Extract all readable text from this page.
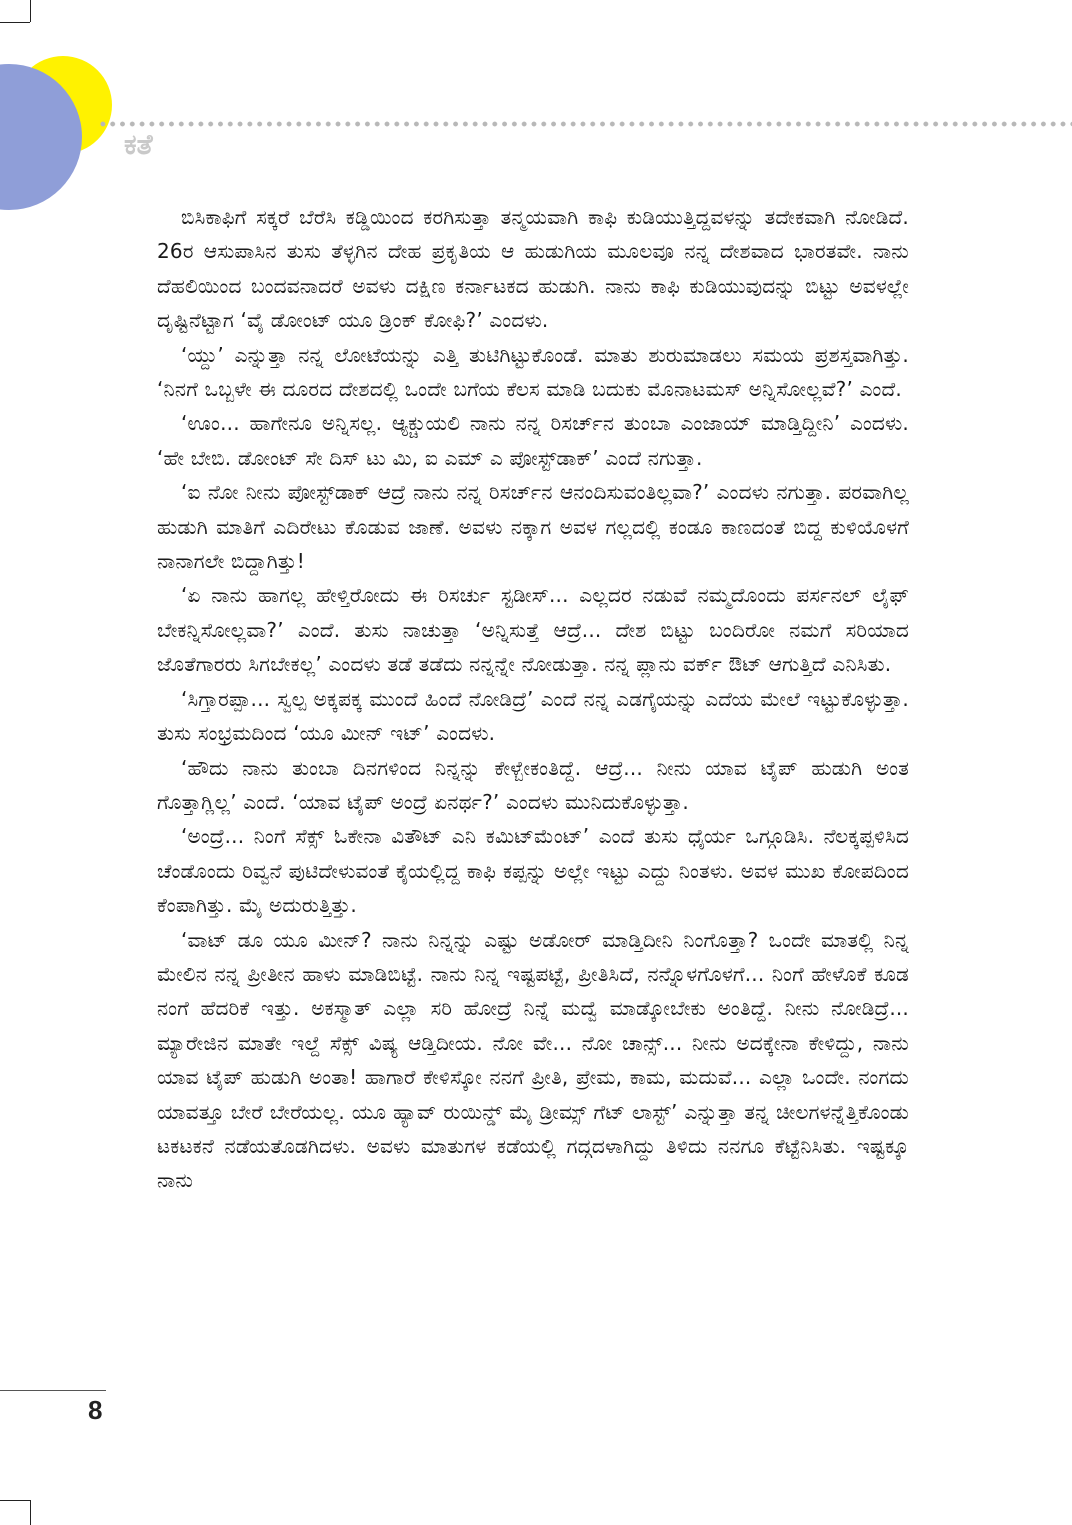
ಕತೆ

ಬಿಸಿಕಾಫಿಗೆ ಸಕ್ಕರೆ ಬೆರೆಸಿ ಕಡ್ಡಿಯಿಂದ ಕರಗಿಸುತ್ತಾ ತನ್ಮಯವಾಗಿ ಕಾಫಿ ಕುಡಿಯುತ್ತಿದ್ದವಳನ್ನು ತದೇಕವಾಗಿ ನೋಡಿದೆ. 26ರ ಆಸುಪಾಸಿನ ತುಸು ತೆಳ್ಳಗಿನ ದೇಹ ಪ್ರಕೃತಿಯ ಆ ಹುಡುಗಿಯ ಮೂಲವೂ ನನ್ನ ದೇಶವಾದ ಭಾರತವೇ. ನಾನು ದೆಹಲಿಯಿಂದ ಬಂದವನಾದರೆ ಅವಳು ದಕ್ಷಿಣ ಕರ್ನಾಟಕದ ಹುಡುಗಿ. ನಾನು ಕಾಫಿ ಕುಡಿಯುವುದನ್ನು ಬಿಟ್ಟು ಅವಳಲ್ಲೇ ದೃಷ್ಟಿನೆಟ್ಟಾಗ ‘ವೈ ಡೋಂಟ್ ಯೂ ಡ್ರಿಂಕ್ ಕೋಫಿ?’ ಎಂದಳು.

‘ಯ್ದು’ ಎನ್ನುತ್ತಾ ನನ್ನ ಲೋಟೆಯನ್ನು ಎತ್ತಿ ತುಟಿಗಿಟ್ಟುಕೊಂಡೆ. ಮಾತು ಶುರುಮಾಡಲು ಸಮಯ ಪ್ರಶಸ್ತವಾಗಿತ್ತು. ‘ನಿನಗೆ ಒಬ್ಬಳೇ ಈ ದೂರದ ದೇಶದಲ್ಲಿ ಒಂದೇ ಬಗೆಯ ಕೆಲಸ ಮಾಡಿ ಬದುಕು ಮೊನಾಟಮಸ್ ಅನ್ನಿಸೋಲ್ಲವೆ?’ ಎಂದೆ.

‘ಊಂ... ಹಾಗೇನೂ ಅನ್ನಿಸಲ್ಲ. ಆ್ಯಕ್ಚುಯಲಿ ನಾನು ನನ್ನ ರಿಸರ್ಚ್‌ನ ತುಂಬಾ ಎಂಜಾಯ್ ಮಾಡ್ತಿದ್ದೀನಿ’ ಎಂದಳು. ‘ಹೇ ಬೇಬಿ. ಡೋಂಟ್ ಸೇ ದಿಸ್ ಟು ಮಿ, ಐ ಎಮ್ ಎ ಪೋಸ್ಟ್‌ಡಾಕ್’ ಎಂದೆ ನಗುತ್ತಾ.

‘ಐ ನೋ ನೀನು ಪೋಸ್ಟ್‌ಡಾಕ್ ಆದ್ರೆ ನಾನು ನನ್ನ ರಿಸರ್ಚ್‌ನ ಆನಂದಿಸುವಂತಿಲ್ಲವಾ?’ ಎಂದಳು ನಗುತ್ತಾ. ಪರವಾಗಿಲ್ಲ ಹುಡುಗಿ ಮಾತಿಗೆ ಎದಿರೇಟು ಕೊಡುವ ಜಾಣೆ. ಅವಳು ನಕ್ಕಾಗ ಅವಳ ಗಲ್ಲದಲ್ಲಿ ಕಂಡೂ ಕಾಣದಂತೆ ಬಿದ್ದ ಕುಳಿಯೊಳಗೆ ನಾನಾಗಲೇ ಬಿದ್ದಾಗಿತ್ತು!

‘ಏ ನಾನು ಹಾಗಲ್ಲ ಹೇಳ್ತಿರೋದು ಈ ರಿಸರ್ಚು ಸ್ಟಡೀಸ್... ಎಲ್ಲದರ ನಡುವೆ ನಮ್ಮದೊಂದು ಪರ್ಸನಲ್ ಲೈಫ್ ಬೇಕನ್ನಿಸೋಲ್ಲವಾ?’ ಎಂದೆ. ತುಸು ನಾಚುತ್ತಾ ‘ಅನ್ನಿಸುತ್ತೆ ಆದ್ರೆ... ದೇಶ ಬಿಟ್ಟು ಬಂದಿರೋ ನಮಗೆ ಸರಿಯಾದ ಜೊತೆಗಾರರು ಸಿಗಬೇಕಲ್ಲ’ ಎಂದಳು ತಡೆ ತಡೆದು ನನ್ನನ್ನೇ ನೋಡುತ್ತಾ. ನನ್ನ ಪ್ಲಾನು ವರ್ಕ್ ಔಟ್ ಆಗುತ್ತಿದೆ ಎನಿಸಿತು.

‘ಸಿಗ್ತಾರಪ್ಪಾ... ಸ್ವಲ್ಪ ಅಕ್ಕಪಕ್ಕ ಮುಂದೆ ಹಿಂದೆ ನೋಡಿದ್ರೆ’ ಎಂದೆ ನನ್ನ ಎಡಗೈಯನ್ನು ಎದೆಯ ಮೇಲೆ ಇಟ್ಟುಕೊಳ್ಳುತ್ತಾ. ತುಸು ಸಂಭ್ರಮದಿಂದ ‘ಯೂ ಮೀನ್ ಇಟ್’ ಎಂದಳು.

‘ಹೌದು ನಾನು ತುಂಬಾ ದಿನಗಳಿಂದ ನಿನ್ನನ್ನು ಕೇಳ್ಬೇಕಂತಿದ್ದೆ. ಆದ್ರೆ... ನೀನು ಯಾವ ಟೈಪ್ ಹುಡುಗಿ ಅಂತ ಗೊತ್ತಾಗ್ಲಿಲ್ಲ’ ಎಂದೆ. ‘ಯಾವ ಟೈಪ್ ಅಂದ್ರೆ ಏನರ್ಥ?’ ಎಂದಳು ಮುನಿದುಕೊಳ್ಳುತ್ತಾ.

‘ಅಂದ್ರೆ... ನಿಂಗೆ ಸೆಕ್ಸ್ ಓಕೇನಾ ವಿತೌಟ್ ಎನಿ ಕಮಿಟ್‌ಮೆಂಟ್’ ಎಂದೆ ತುಸು ಧೈರ್ಯ ಒಗ್ಗೂಡಿಸಿ. ನೆಲಕ್ಕಪ್ಪಳಿಸಿದ ಚೆಂಡೊಂದು ರಿವ್ವನೆ ಪುಟಿದೇಳುವಂತೆ ಕೈಯಲ್ಲಿದ್ದ ಕಾಫಿ ಕಪ್ಪನ್ನು ಅಲ್ಲೇ ಇಟ್ಟು ಎದ್ದು ನಿಂತಳು. ಅವಳ ಮುಖ ಕೋಪದಿಂದ ಕೆಂಪಾಗಿತ್ತು. ಮೈ ಅದುರುತ್ತಿತ್ತು.

‘ವಾಟ್ ಡೂ ಯೂ ಮೀನ್? ನಾನು ನಿನ್ನನ್ನು ಎಷ್ಟು ಅಡೋರ್ ಮಾಡ್ತಿದೀನಿ ನಿಂಗೊತ್ತಾ? ಒಂದೇ ಮಾತಲ್ಲಿ ನಿನ್ನ ಮೇಲಿನ ನನ್ನ ಪ್ರೀತೀನ ಹಾಳು ಮಾಡಿಬಿಟ್ಟೆ. ನಾನು ನಿನ್ನ ಇಷ್ಟಪಟ್ಟೆ, ಪ್ರೀತಿಸಿದೆ, ನನ್ನೊಳಗೊಳಗೆ... ನಿಂಗೆ ಹೇಳೊಕೆ ಕೂಡ ನಂಗೆ ಹೆದರಿಕೆ ಇತ್ತು. ಅಕಸ್ಮಾತ್ ಎಲ್ಲಾ ಸರಿ ಹೋದ್ರೆ ನಿನ್ನೆ ಮದ್ವೆ ಮಾಡ್ಕೋಬೇಕು ಅಂತಿದ್ದೆ. ನೀನು ನೋಡಿದ್ರೆ... ಮ್ಯಾರೇಜಿನ ಮಾತೇ ಇಲ್ದೆ ಸೆಕ್ಸ್ ವಿಷ್ಯ ಆಡ್ತಿದೀಯ. ನೋ ವೇ... ನೋ ಚಾನ್ಸ್... ನೀನು ಅದಕ್ಕೇನಾ ಕೇಳಿದ್ದು, ನಾನು ಯಾವ ಟೈಪ್ ಹುಡುಗಿ ಅಂತಾ! ಹಾಗಾರೆ ಕೇಳಿಸ್ಕೋ ನನಗೆ ಪ್ರೀತಿ, ಪ್ರೇಮ, ಕಾಮ, ಮದುವೆ... ಎಲ್ಲಾ ಒಂದೇ. ನಂಗದು ಯಾವತ್ತೂ ಬೇರೆ ಬೇರೆಯಲ್ಲ. ಯೂ ಹ್ಯಾವ್ ರುಯಿನ್ಡ್ ಮೈ ಡ್ರೀಮ್ಸ್ ಗೆಟ್ ಲಾಸ್ಟ್’ ಎನ್ನುತ್ತಾ ತನ್ನ ಚೀಲಗಳನ್ನೆತ್ತಿಕೊಂಡು ಟಕಟಕನೆ ನಡೆಯತೊಡಗಿದಳು. ಅವಳು ಮಾತುಗಳ ಕಡೆಯಲ್ಲಿ ಗದ್ಗದಳಾಗಿದ್ದು ತಿಳಿದು ನನಗೂ ಕೆಟ್ಟೆನಿಸಿತು. ಇಷ್ಟಕ್ಕೂ ನಾನು

8
